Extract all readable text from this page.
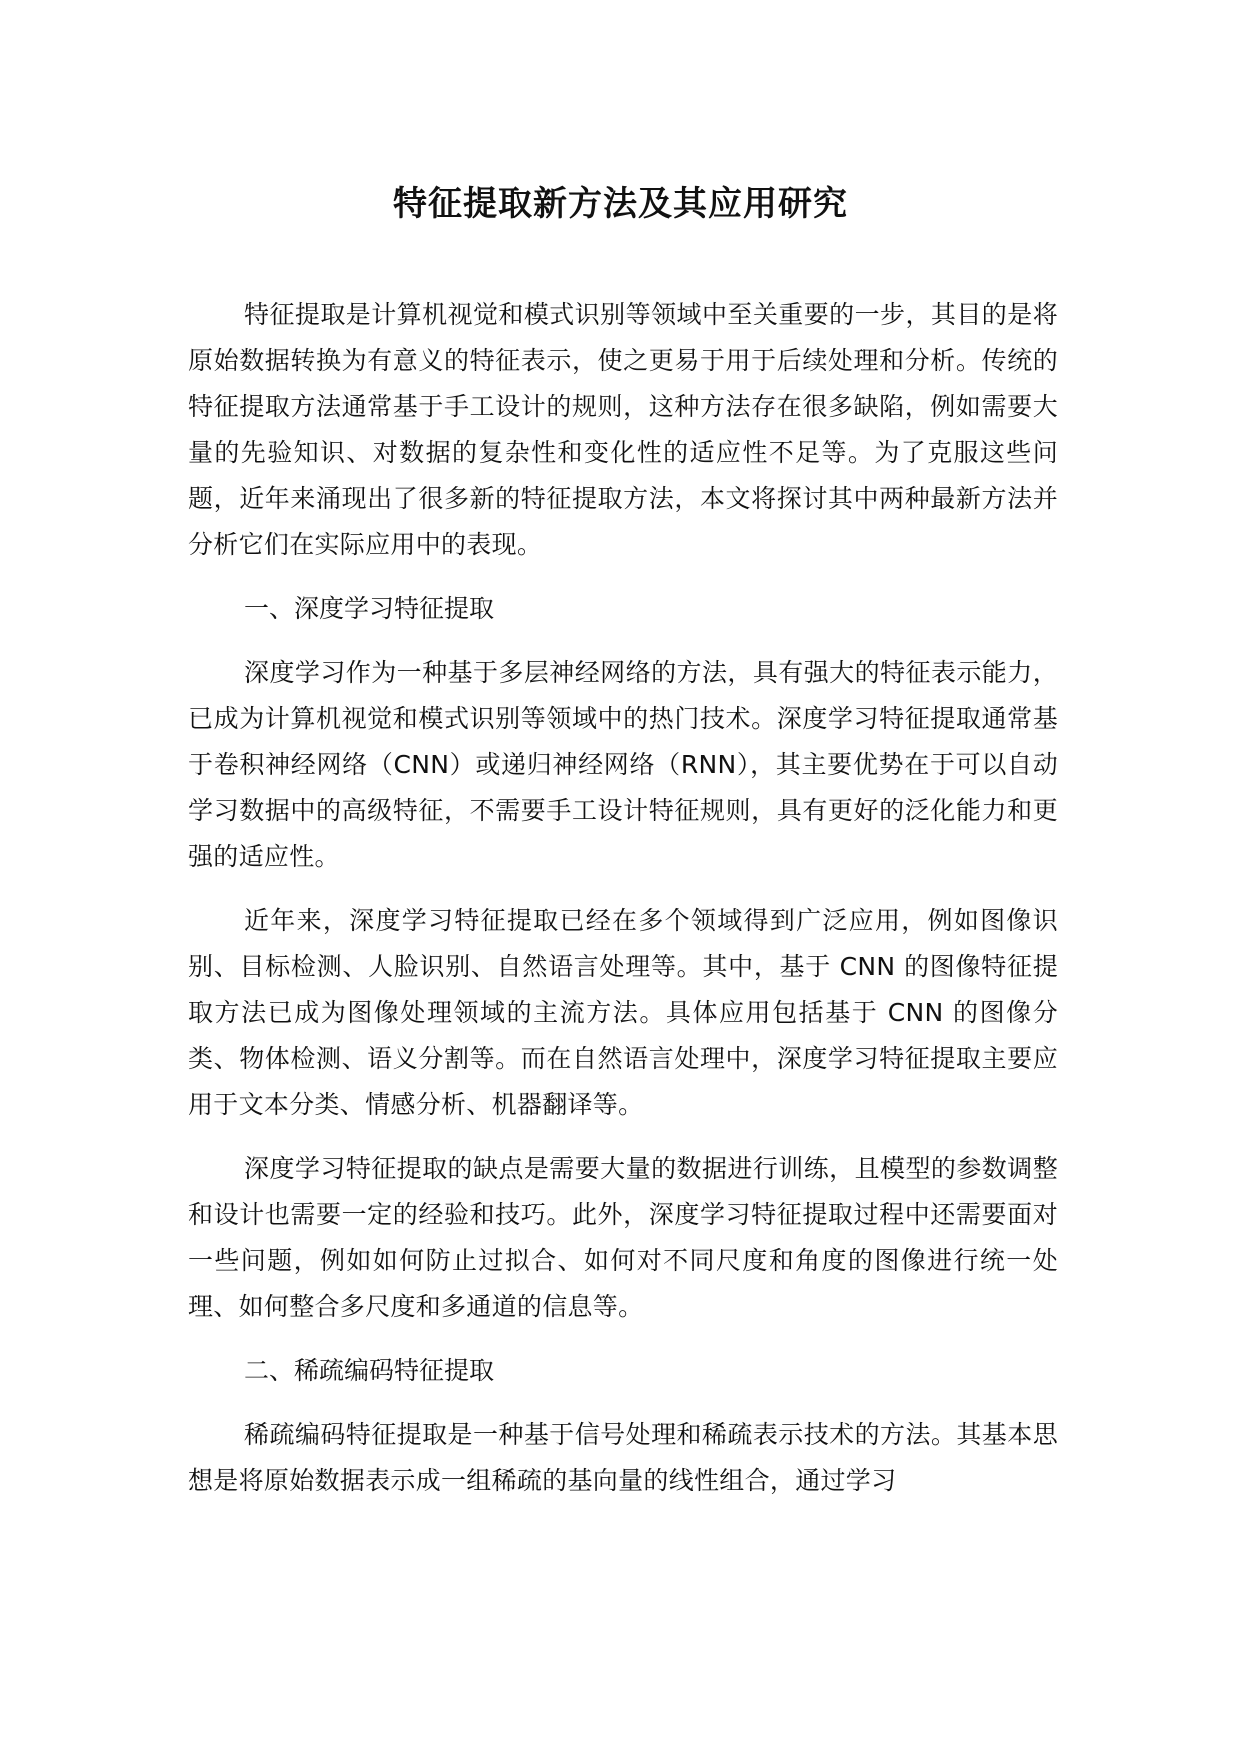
特征提取新方法及其应用研究

特征提取是计算机视觉和模式识别等领域中至关重要的一步，其目的是将原始数据转换为有意义的特征表示，使之更易于用于后续处理和分析。传统的特征提取方法通常基于手工设计的规则，这种方法存在很多缺陷，例如需要大量的先验知识、对数据的复杂性和变化性的适应性不足等。为了克服这些问题，近年来涌现出了很多新的特征提取方法，本文将探讨其中两种最新方法并分析它们在实际应用中的表现。

一、深度学习特征提取

深度学习作为一种基于多层神经网络的方法，具有强大的特征表示能力，已成为计算机视觉和模式识别等领域中的热门技术。深度学习特征提取通常基于卷积神经网络（CNN）或递归神经网络（RNN），其主要优势在于可以自动学习数据中的高级特征，不需要手工设计特征规则，具有更好的泛化能力和更强的适应性。

近年来，深度学习特征提取已经在多个领域得到广泛应用，例如图像识别、目标检测、人脸识别、自然语言处理等。其中，基于 CNN 的图像特征提取方法已成为图像处理领域的主流方法。具体应用包括基于 CNN 的图像分类、物体检测、语义分割等。而在自然语言处理中，深度学习特征提取主要应用于文本分类、情感分析、机器翻译等。

深度学习特征提取的缺点是需要大量的数据进行训练，且模型的参数调整和设计也需要一定的经验和技巧。此外，深度学习特征提取过程中还需要面对一些问题，例如如何防止过拟合、如何对不同尺度和角度的图像进行统一处理、如何整合多尺度和多通道的信息等。

二、稀疏编码特征提取

稀疏编码特征提取是一种基于信号处理和稀疏表示技术的方法。其基本思想是将原始数据表示成一组稀疏的基向量的线性组合，通过学习
